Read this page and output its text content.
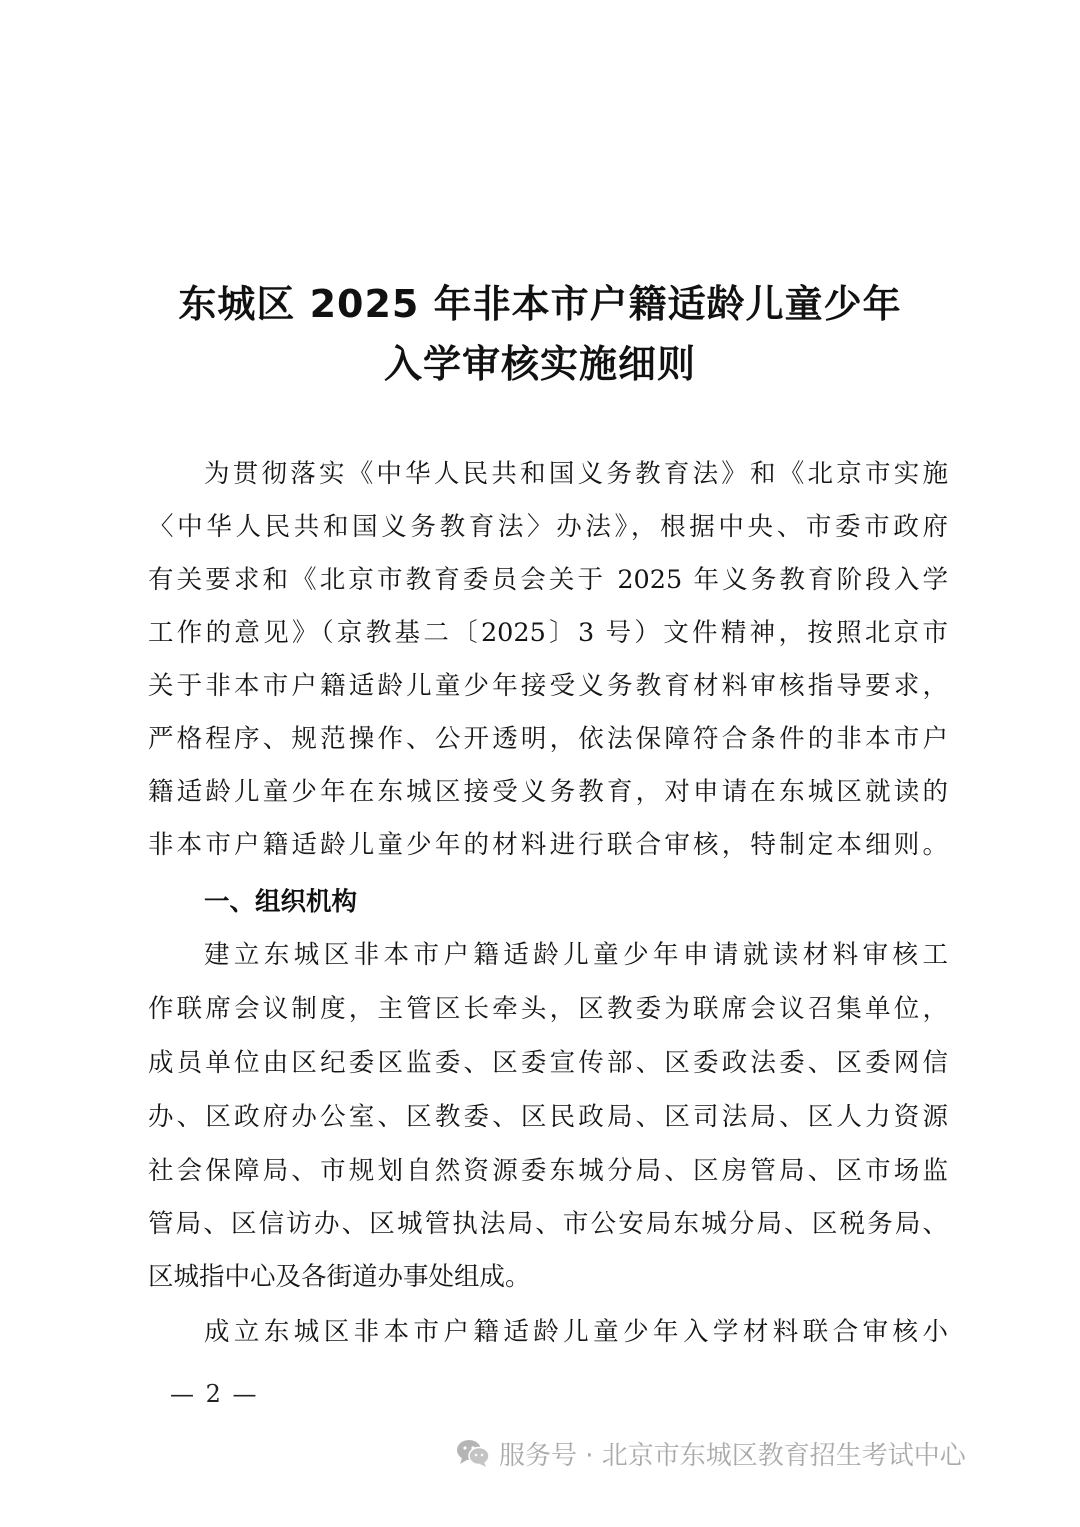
东城区 2025 年非本市户籍适龄儿童少年
入学审核实施细则
为贯彻落实《中华人民共和国义务教育法》和《北京市实施
〈中华人民共和国义务教育法〉办法》，根据中央、市委市政府
有关要求和《北京市教育委员会关于 2025 年义务教育阶段入学
工作的意见》（京教基二〔2025〕3 号）文件精神，按照北京市
关于非本市户籍适龄儿童少年接受义务教育材料审核指导要求，
严格程序、规范操作、公开透明，依法保障符合条件的非本市户
籍适龄儿童少年在东城区接受义务教育，对申请在东城区就读的
非本市户籍适龄儿童少年的材料进行联合审核，特制定本细则。
一、组织机构
建立东城区非本市户籍适龄儿童少年申请就读材料审核工
作联席会议制度，主管区长牵头，区教委为联席会议召集单位，
成员单位由区纪委区监委、区委宣传部、区委政法委、区委网信
办、区政府办公室、区教委、区民政局、区司法局、区人力资源
社会保障局、市规划自然资源委东城分局、区房管局、区市场监
管局、区信访办、区城管执法局、市公安局东城分局、区税务局、
区城指中心及各街道办事处组成。
成立东城区非本市户籍适龄儿童少年入学材料联合审核小
— 2 —
服务号 · 北京市东城区教育招生考试中心
